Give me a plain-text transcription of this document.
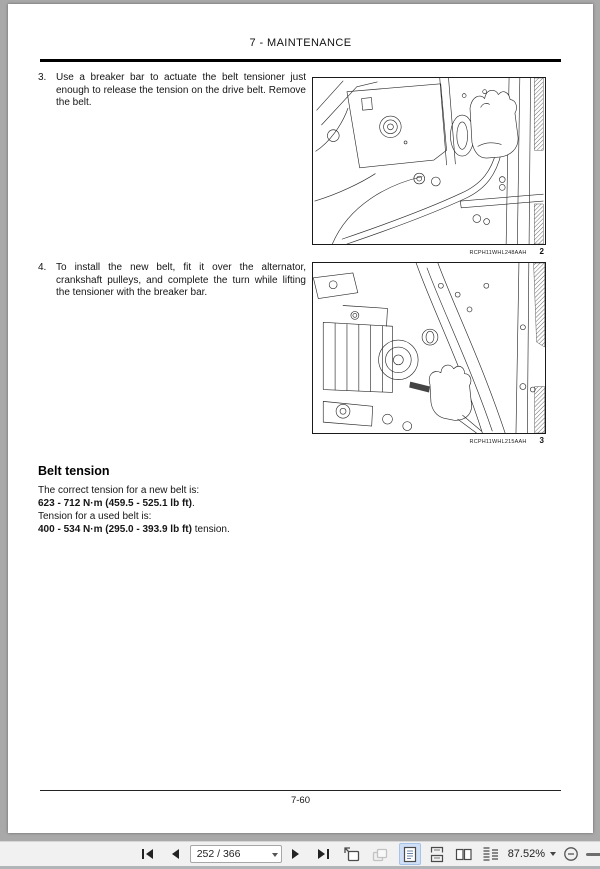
7 - MAINTENANCE
3. Use a breaker bar to actuate the belt tensioner just enough to release the tension on the drive belt. Remove the belt.
RCPH11WHL248AAH 2
4. To install the new belt, fit it over the alternator, crankshaft pulleys, and complete the turn while lifting the tensioner with the breaker bar.
RCPH11WHL215AAH 3
Belt tension
The correct tension for a new belt is:
623 - 712 N·m (459.5 - 525.1 lb ft).
Tension for a used belt is:
400 - 534 N·m (295.0 - 393.9 lb ft) tension.
7-60
252 / 366
87.52%
